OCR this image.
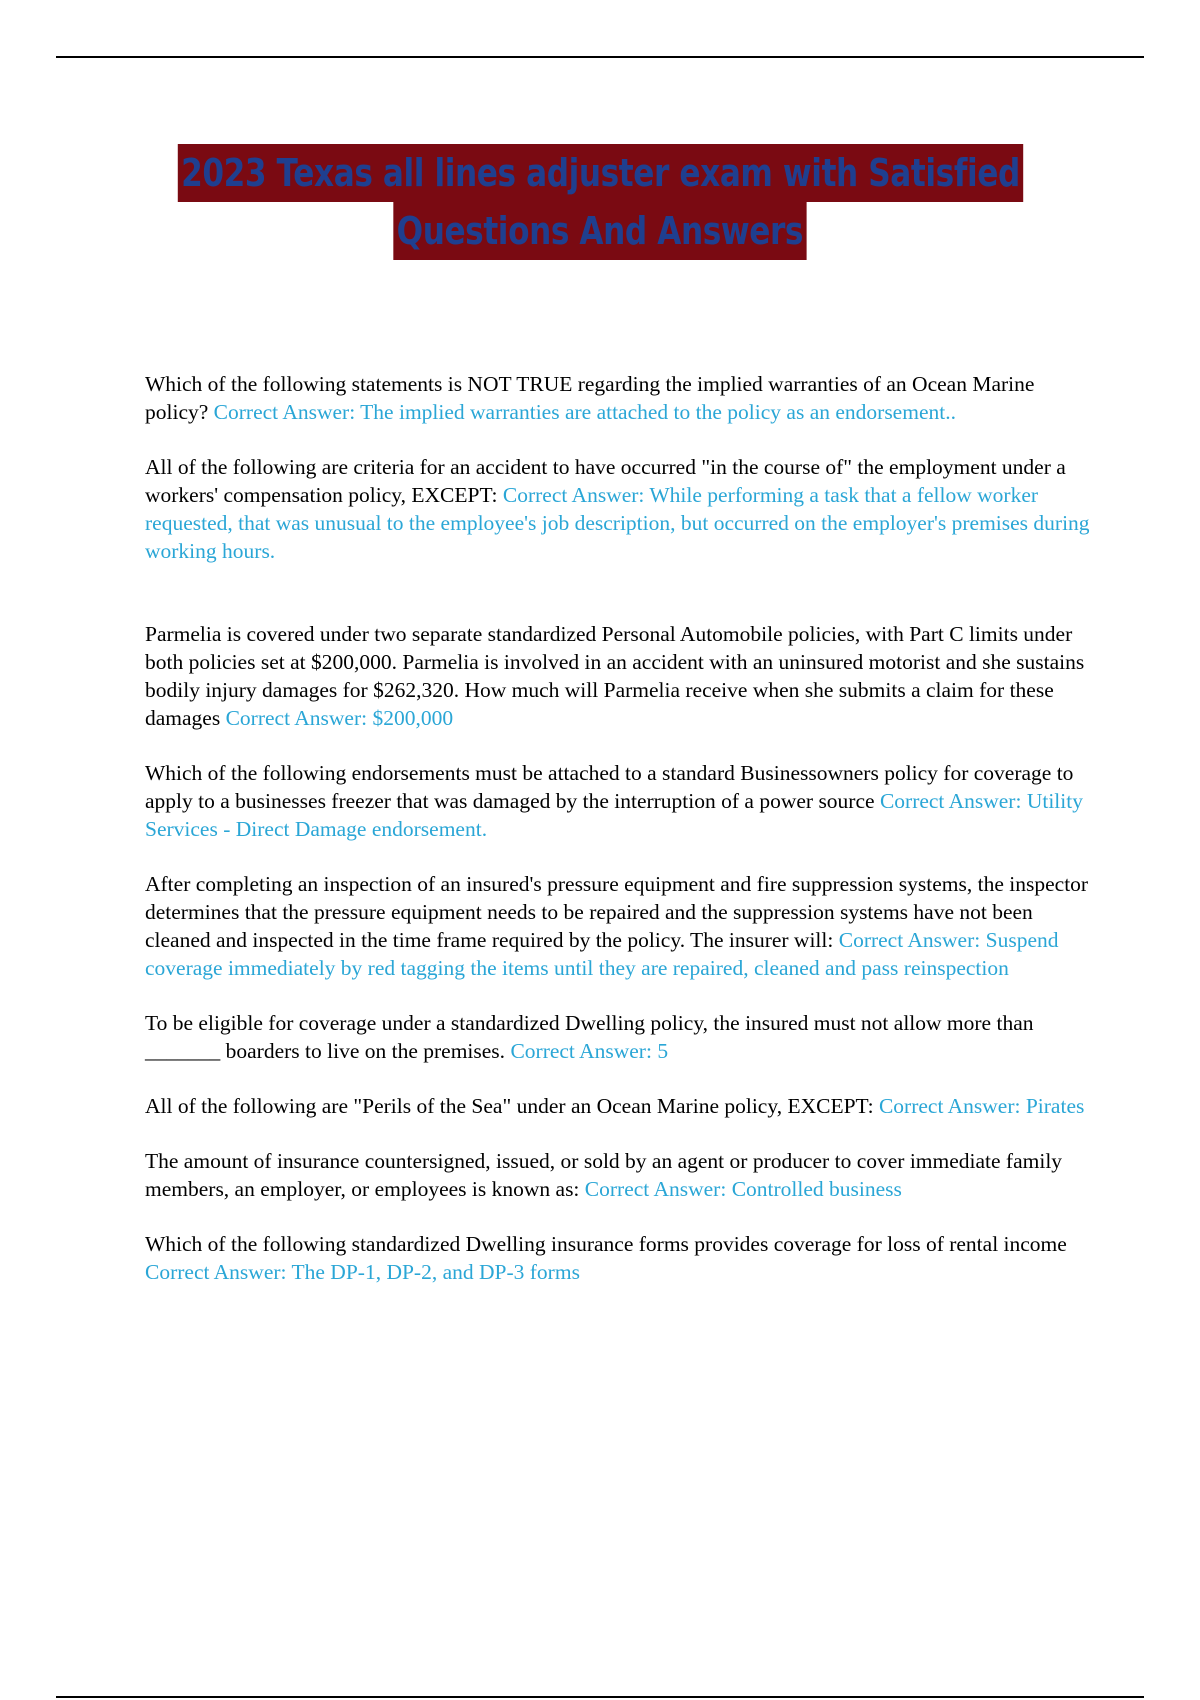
2023 Texas all lines adjuster exam with Satisfied
Questions And Answers

Which of the following statements is NOT TRUE regarding the implied warranties of an Ocean Marine policy? Correct Answer: The implied warranties are attached to the policy as an endorsement..

All of the following are criteria for an accident to have occurred "in the course of" the employment under a workers' compensation policy, EXCEPT: Correct Answer: While performing a task that a fellow worker requested, that was unusual to the employee's job description, but occurred on the employer's premises during working hours.

Parmelia is covered under two separate standardized Personal Automobile policies, with Part C limits under both policies set at $200,000. Parmelia is involved in an accident with an uninsured motorist and she sustains bodily injury damages for $262,320. How much will Parmelia receive when she submits a claim for these damages Correct Answer: $200,000

Which of the following endorsements must be attached to a standard Businessowners policy for coverage to apply to a businesses freezer that was damaged by the interruption of a power source Correct Answer: Utility Services - Direct Damage endorsement.

After completing an inspection of an insured's pressure equipment and fire suppression systems, the inspector determines that the pressure equipment needs to be repaired and the suppression systems have not been cleaned and inspected in the time frame required by the policy. The insurer will: Correct Answer: Suspend coverage immediately by red tagging the items until they are repaired, cleaned and pass reinspection

To be eligible for coverage under a standardized Dwelling policy, the insured must not allow more than _______ boarders to live on the premises. Correct Answer: 5

All of the following are "Perils of the Sea" under an Ocean Marine policy, EXCEPT: Correct Answer: Pirates

The amount of insurance countersigned, issued, or sold by an agent or producer to cover immediate family members, an employer, or employees is known as: Correct Answer: Controlled business

Which of the following standardized Dwelling insurance forms provides coverage for loss of rental income Correct Answer: The DP-1, DP-2, and DP-3 forms
